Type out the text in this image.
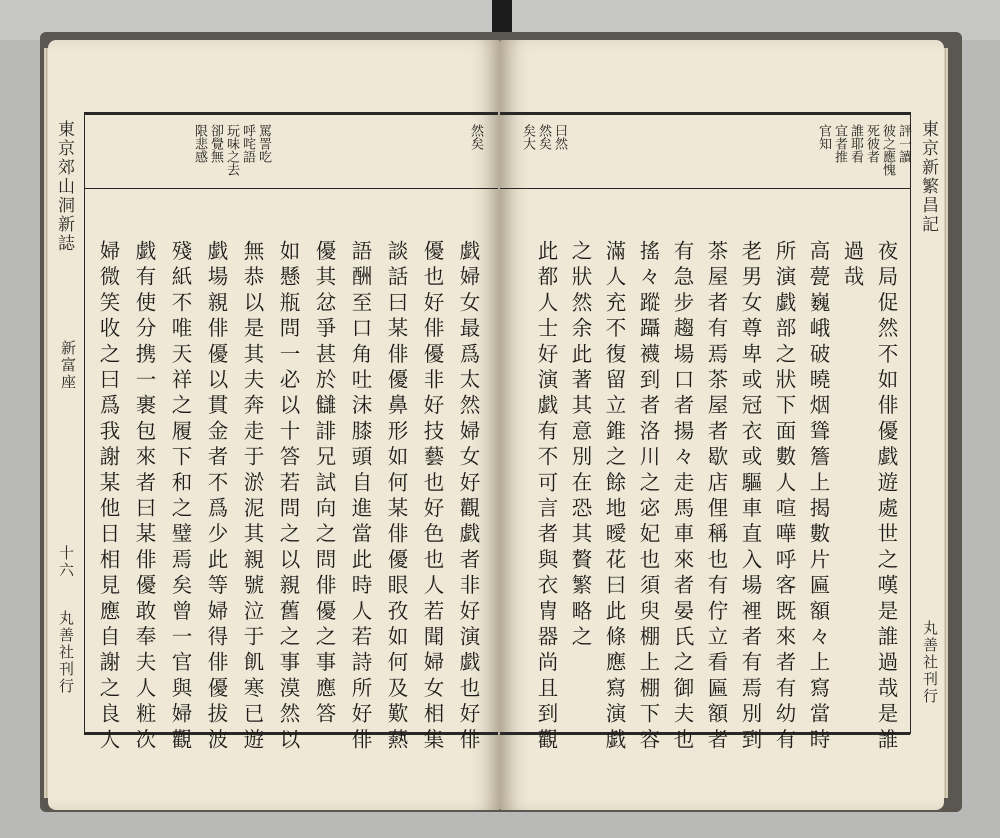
東京郊山洞新誌
新富座
十六
丸善社刊行
罵詈吃
呼咤語
玩味之去
卻覺無
限悲感	然矣
戯婦女最爲太然婦女好觀戯者非好演戯也好俳
優也好俳優非好技藝也好色也人若聞婦女相集
談話曰某俳優鼻形如何某俳優眼孜如何及歎爇
語酬至口角吐沫膝頭自進當此時人若詩所好俳
優其忿爭甚於讎誹兄試向之問俳優之事應答
如懸瓶問一必以十答若問之以親舊之事漠然以
無恭以是其夫奔走于淤泥其親號泣于飢寒已遊
戯場親俳優以貫金者不爲少此等婦得俳優拔波
殘紙不唯天祥之履下和之璧焉矣曾一官與婦觀
戯有使分携一裹包來者曰某俳優敢奉夫人粧次
婦微笑收之曰爲我謝某他日相見應自謝之良人
東京新繁昌記
丸善社刊行
曰然
然矣
矣大	評一讀
彼之應愧
死彼者
誰耶看
宜者推
官知
夜局促然不如俳優戯遊處世之嘆是誰過哉是誰
過哉
高甍巍峨破曉烟聳簷上揭數片匾額々上寫當時
所演戯部之狀下面數人喧嘩呼客既來者有幼有
老男女尊卑或冠衣或驅車直入場裡者有焉別到
茶屋者有焉茶屋者歇店俚稱也有佇立看匾額者
有急步趨場口者揚々走馬車來者晏氏之御夫也
搖々蹤躡襪到者洛川之宓妃也須臾棚上棚下容
滿人充不復留立錐之餘地曖花曰此條應寫演戯
之狀然余此著其意別在恐其贅繁略之
此都人士好演戯有不可言者與衣冑器尚且到觀
